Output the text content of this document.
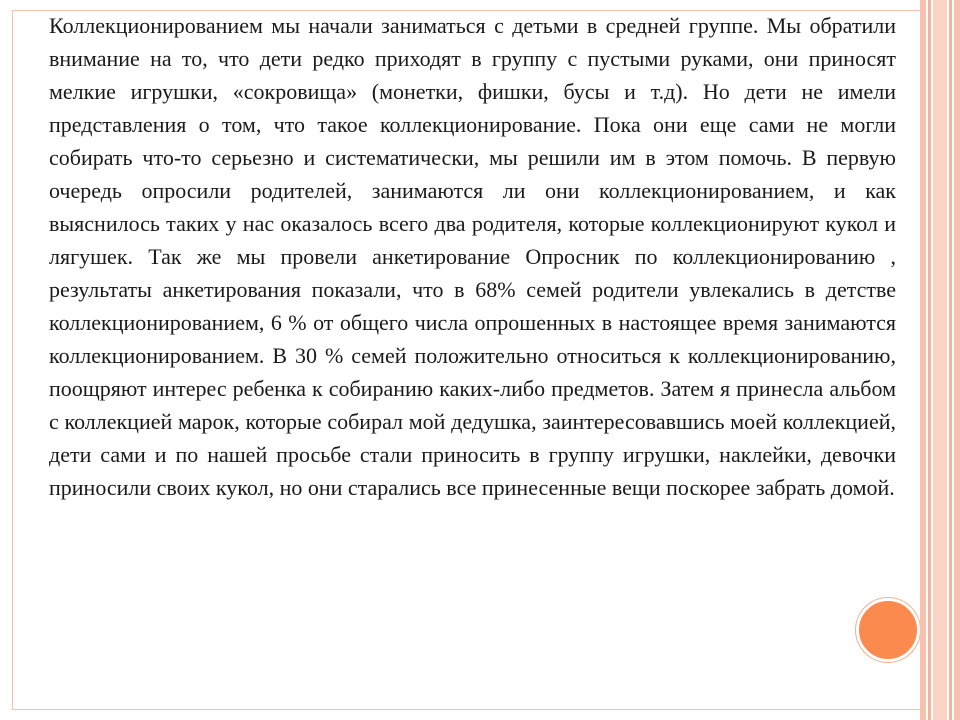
Коллекционированием мы начали заниматься с детьми в средней группе. Мы обратили внимание на то, что дети редко приходят в группу с пустыми руками, они приносят мелкие игрушки, «сокровища» (монетки, фишки, бусы и т.д). Но дети не имели представления о том, что такое коллекционирование. Пока они еще сами не могли собирать что-то серьезно и систематически, мы решили им в этом помочь. В первую очередь опросили родителей, занимаются ли они коллекционированием, и как выяснилось таких у нас оказалось всего два родителя, которые коллекционируют кукол и лягушек. Так же мы провели анкетирование Опросник по коллекционированию , результаты анкетирования показали, что в 68% семей родители увлекались в детстве коллекционированием, 6 % от общего числа опрошенных в настоящее время занимаются коллекционированием. В 30 % семей положительно относиться к коллекционированию, поощряют интерес ребенка к собиранию каких-либо предметов. Затем я принесла альбом с коллекцией марок, которые собирал мой дедушка, заинтересовавшись моей коллекцией, дети сами и по нашей просьбе стали приносить в группу игрушки, наклейки, девочки приносили своих кукол, но они старались все принесенные вещи поскорее забрать домой.
